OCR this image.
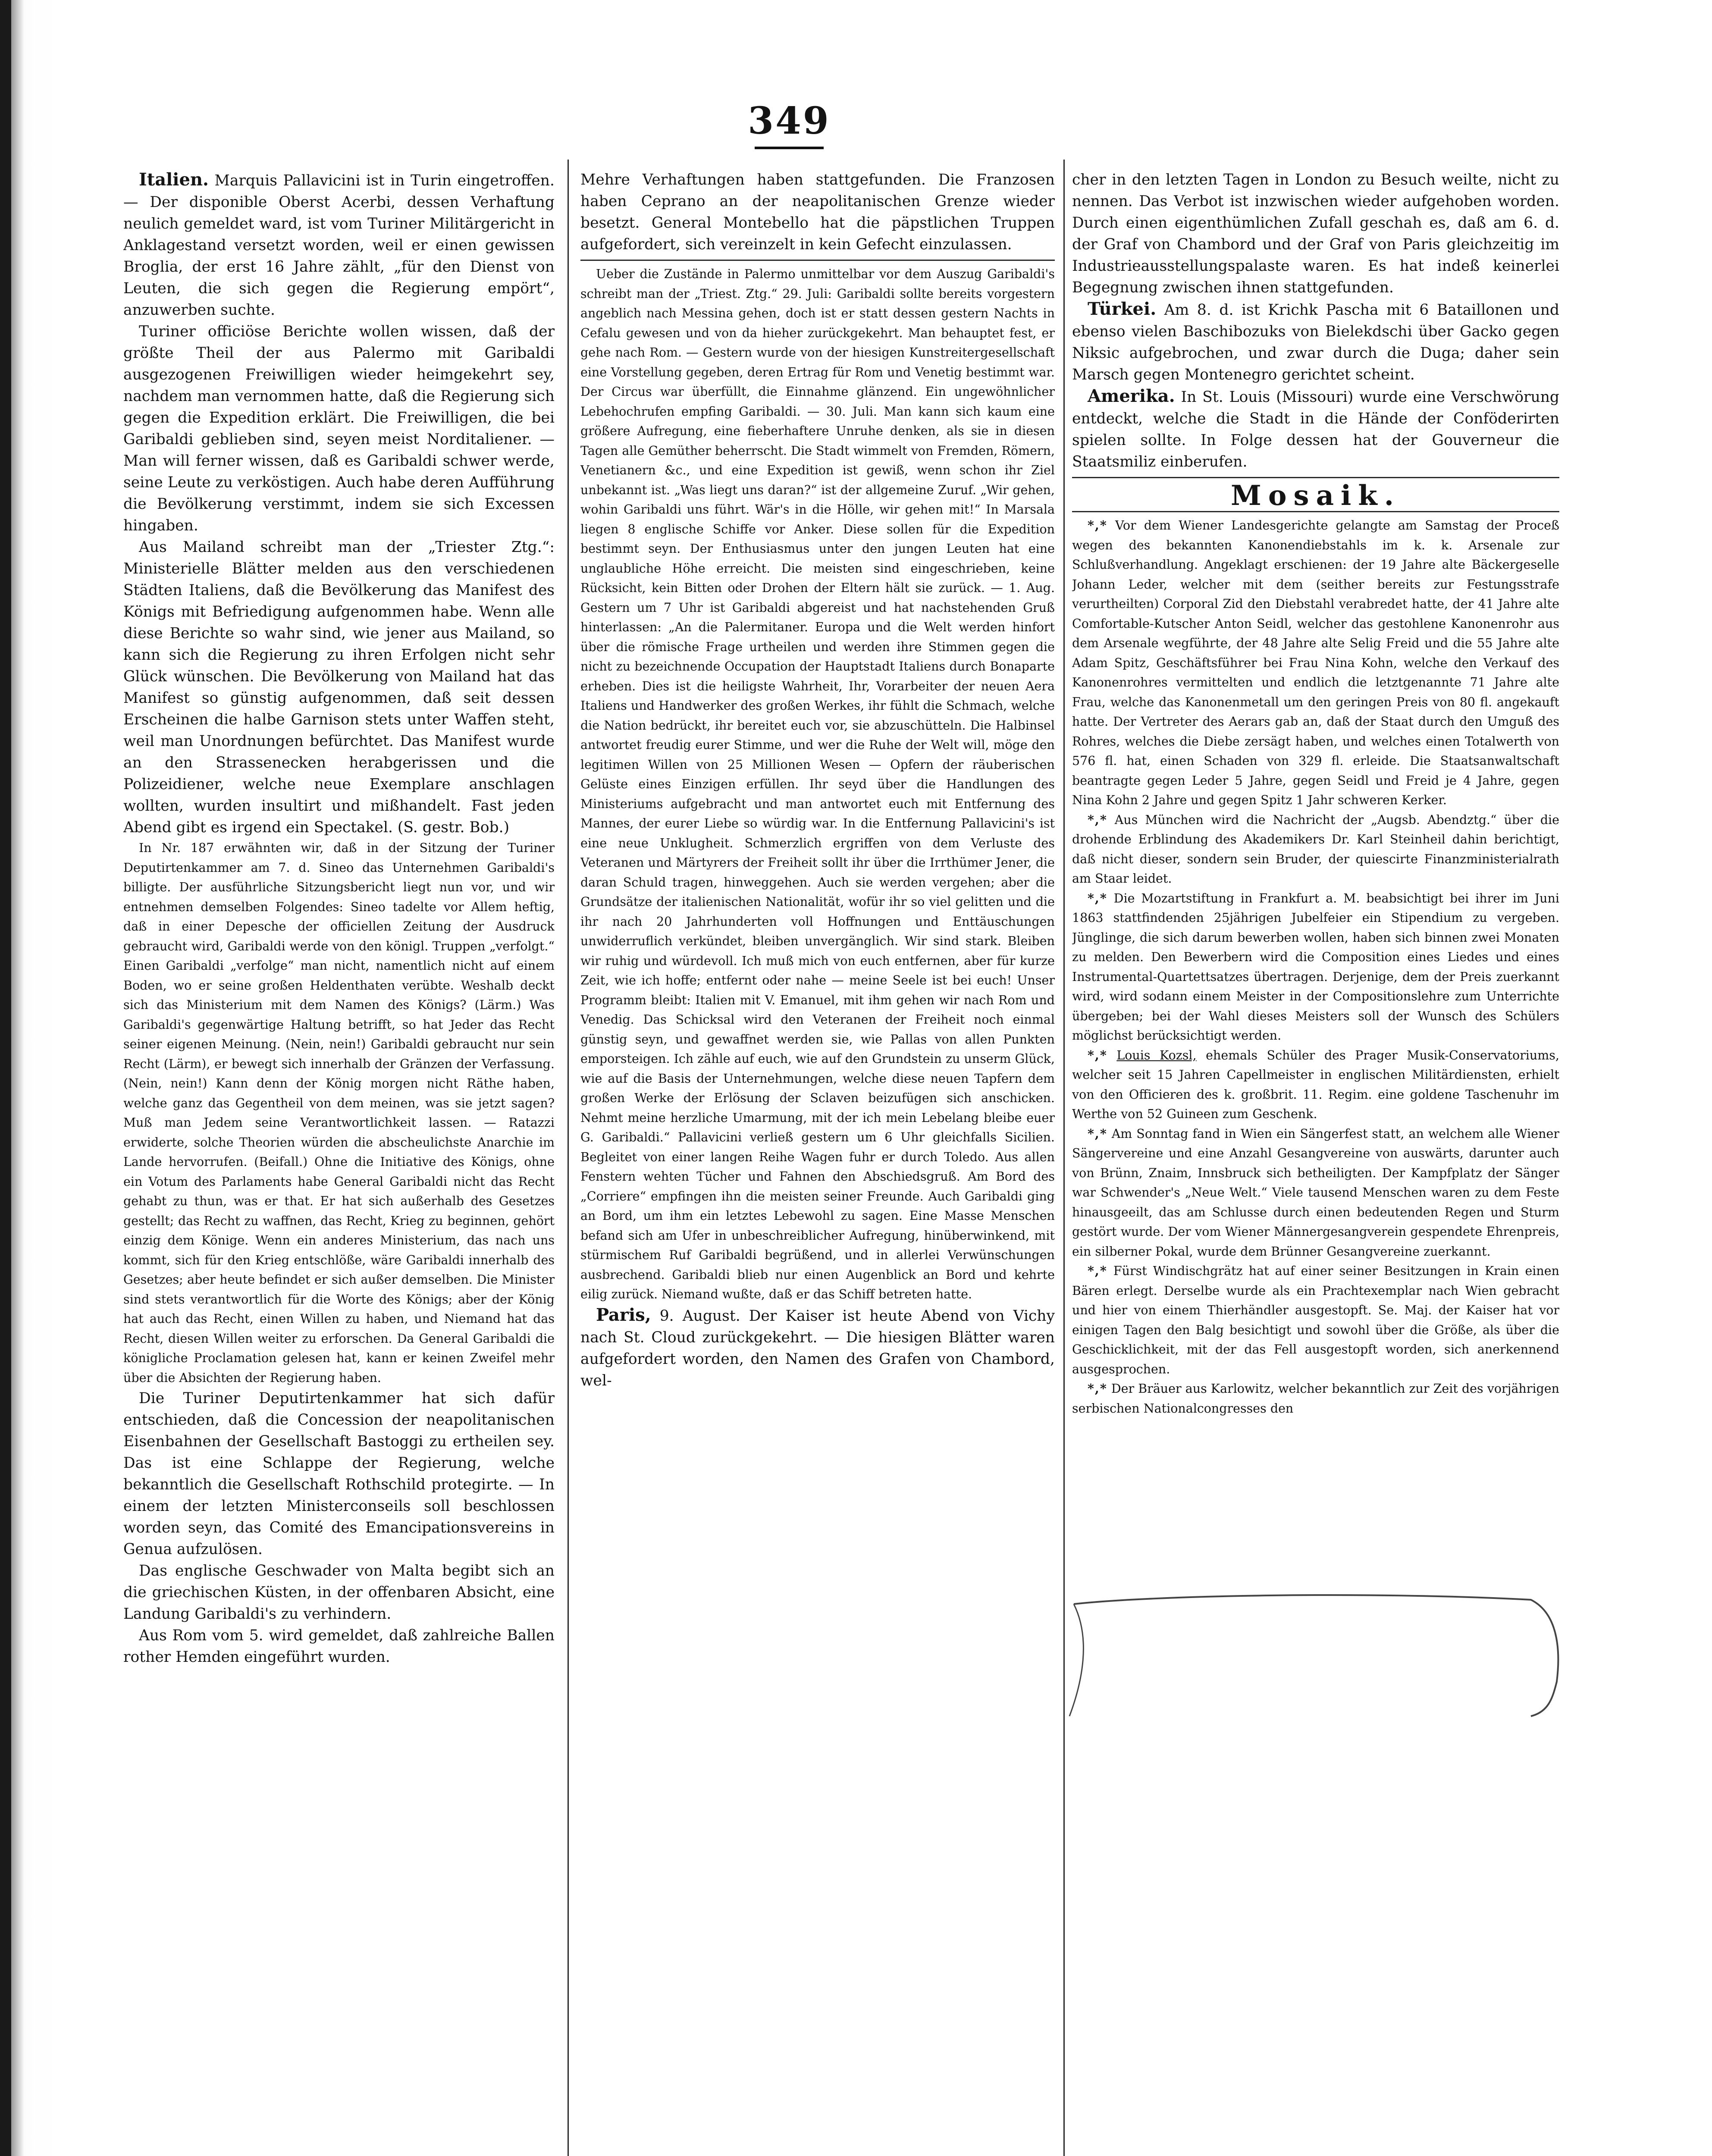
349

Italien. Marquis Pallavicini ist in Turin eingetroffen. — Der disponible Oberst Acerbi, dessen Verhaftung neulich gemeldet ward, ist vom Turiner Militärgericht in Anklagestand versetzt worden, weil er einen gewissen Broglia, der erst 16 Jahre zählt, „für den Dienst von Leuten, die sich gegen die Regierung empört“, anzuwerben suchte.

Turiner officiöse Berichte wollen wissen, daß der größte Theil der aus Palermo mit Garibaldi ausgezogenen Freiwilligen wieder heimgekehrt sey, nachdem man vernommen hatte, daß die Regierung sich gegen die Expedition erklärt. Die Freiwilligen, die bei Garibaldi geblieben sind, seyen meist Norditaliener. — Man will ferner wissen, daß es Garibaldi schwer werde, seine Leute zu verköstigen. Auch habe deren Aufführung die Bevölkerung verstimmt, indem sie sich Excessen hingaben.

Aus Mailand schreibt man der „Triester Ztg.“: Ministerielle Blätter melden aus den verschiedenen Städten Italiens, daß die Bevölkerung das Manifest des Königs mit Befriedigung aufgenommen habe. Wenn alle diese Berichte so wahr sind, wie jener aus Mailand, so kann sich die Regierung zu ihren Erfolgen nicht sehr Glück wünschen. Die Bevölkerung von Mailand hat das Manifest so günstig aufgenommen, daß seit dessen Erscheinen die halbe Garnison stets unter Waffen steht, weil man Unordnungen befürchtet. Das Manifest wurde an den Strassenecken herabgerissen und die Polizeidiener, welche neue Exemplare anschlagen wollten, wurden insultirt und mißhandelt. Fast jeden Abend gibt es irgend ein Spectakel. (S. gestr. Bob.)

In Nr. 187 erwähnten wir, daß in der Sitzung der Turiner Deputirtenkammer am 7. d. Sineo das Unternehmen Garibaldi's billigte. Der ausführliche Sitzungsbericht liegt nun vor, und wir entnehmen demselben Folgendes: Sineo tadelte vor Allem heftig, daß in einer Depesche der officiellen Zeitung der Ausdruck gebraucht wird, Garibaldi werde von den königl. Truppen „verfolgt.“ Einen Garibaldi „verfolge“ man nicht, namentlich nicht auf einem Boden, wo er seine großen Heldenthaten verübte. Weshalb deckt sich das Ministerium mit dem Namen des Königs? (Lärm.) Was Garibaldi's gegenwärtige Haltung betrifft, so hat Jeder das Recht seiner eigenen Meinung. (Nein, nein!) Garibaldi gebraucht nur sein Recht (Lärm), er bewegt sich innerhalb der Gränzen der Verfassung. (Nein, nein!) Kann denn der König morgen nicht Räthe haben, welche ganz das Gegentheil von dem meinen, was sie jetzt sagen? Muß man Jedem seine Verantwortlichkeit lassen. — Ratazzi erwiderte, solche Theorien würden die abscheulichste Anarchie im Lande hervorrufen. (Beifall.) Ohne die Initiative des Königs, ohne ein Votum des Parlaments habe General Garibaldi nicht das Recht gehabt zu thun, was er that. Er hat sich außerhalb des Gesetzes gestellt; das Recht zu waffnen, das Recht, Krieg zu beginnen, gehört einzig dem Könige. Wenn ein anderes Ministerium, das nach uns kommt, sich für den Krieg entschlöße, wäre Garibaldi innerhalb des Gesetzes; aber heute befindet er sich außer demselben. Die Minister sind stets verantwortlich für die Worte des Königs; aber der König hat auch das Recht, einen Willen zu haben, und Niemand hat das Recht, diesen Willen weiter zu erforschen. Da General Garibaldi die königliche Proclamation gelesen hat, kann er keinen Zweifel mehr über die Absichten der Regierung haben.

Die Turiner Deputirtenkammer hat sich dafür entschieden, daß die Concession der neapolitanischen Eisenbahnen der Gesellschaft Bastoggi zu ertheilen sey. Das ist eine Schlappe der Regierung, welche bekanntlich die Gesellschaft Rothschild protegirte. — In einem der letzten Ministerconseils soll beschlossen worden seyn, das Comité des Emancipationsvereins in Genua aufzulösen.

Das englische Geschwader von Malta begibt sich an die griechischen Küsten, in der offenbaren Absicht, eine Landung Garibaldi's zu verhindern.

Aus Rom vom 5. wird gemeldet, daß zahlreiche Ballen rother Hemden eingeführt wurden.

Mehre Verhaftungen haben stattgefunden. Die Franzosen haben Ceprano an der neapolitanischen Grenze wieder besetzt. General Montebello hat die päpstlichen Truppen aufgefordert, sich vereinzelt in kein Gefecht einzulassen.

Ueber die Zustände in Palermo unmittelbar vor dem Auszug Garibaldi's schreibt man der „Triest. Ztg.“ 29. Juli: Garibaldi sollte bereits vorgestern angeblich nach Messina gehen, doch ist er statt dessen gestern Nachts in Cefalu gewesen und von da hieher zurückgekehrt. Man behauptet fest, er gehe nach Rom. — Gestern wurde von der hiesigen Kunstreitergesellschaft eine Vorstellung gegeben, deren Ertrag für Rom und Venetig bestimmt war. Der Circus war überfüllt, die Einnahme glänzend. Ein ungewöhnlicher Lebehochrufen empfing Garibaldi. — 30. Juli. Man kann sich kaum eine größere Aufregung, eine fieberhaftere Unruhe denken, als sie in diesen Tagen alle Gemüther beherrscht. Die Stadt wimmelt von Fremden, Römern, Venetianern &c., und eine Expedition ist gewiß, wenn schon ihr Ziel unbekannt ist. „Was liegt uns daran?“ ist der allgemeine Zuruf. „Wir gehen, wohin Garibaldi uns führt. Wär's in die Hölle, wir gehen mit!“ In Marsala liegen 8 englische Schiffe vor Anker. Diese sollen für die Expedition bestimmt seyn. Der Enthusiasmus unter den jungen Leuten hat eine unglaubliche Höhe erreicht. Die meisten sind eingeschrieben, keine Rücksicht, kein Bitten oder Drohen der Eltern hält sie zurück. — 1. Aug. Gestern um 7 Uhr ist Garibaldi abgereist und hat nachstehenden Gruß hinterlassen: „An die Palermitaner. Europa und die Welt werden hinfort über die römische Frage urtheilen und werden ihre Stimmen gegen die nicht zu bezeichnende Occupation der Hauptstadt Italiens durch Bonaparte erheben. Dies ist die heiligste Wahrheit, Ihr, Vorarbeiter der neuen Aera Italiens und Handwerker des großen Werkes, ihr fühlt die Schmach, welche die Nation bedrückt, ihr bereitet euch vor, sie abzuschütteln. Die Halbinsel antwortet freudig eurer Stimme, und wer die Ruhe der Welt will, möge den legitimen Willen von 25 Millionen Wesen — Opfern der räuberischen Gelüste eines Einzigen erfüllen. Ihr seyd über die Handlungen des Ministeriums aufgebracht und man antwortet euch mit Entfernung des Mannes, der eurer Liebe so würdig war. In die Entfernung Pallavicini's ist eine neue Unklugheit. Schmerzlich ergriffen von dem Verluste des Veteranen und Märtyrers der Freiheit sollt ihr über die Irrthümer Jener, die daran Schuld tragen, hinweggehen. Auch sie werden vergehen; aber die Grundsätze der italienischen Nationalität, wofür ihr so viel gelitten und die ihr nach 20 Jahrhunderten voll Hoffnungen und Enttäuschungen unwiderruflich verkündet, bleiben unvergänglich. Wir sind stark. Bleiben wir ruhig und würdevoll. Ich muß mich von euch entfernen, aber für kurze Zeit, wie ich hoffe; entfernt oder nahe — meine Seele ist bei euch! Unser Programm bleibt: Italien mit V. Emanuel, mit ihm gehen wir nach Rom und Venedig. Das Schicksal wird den Veteranen der Freiheit noch einmal günstig seyn, und gewaffnet werden sie, wie Pallas von allen Punkten emporsteigen. Ich zähle auf euch, wie auf den Grundstein zu unserm Glück, wie auf die Basis der Unternehmungen, welche diese neuen Tapfern dem großen Werke der Erlösung der Sclaven beizufügen sich anschicken. Nehmt meine herzliche Umarmung, mit der ich mein Lebelang bleibe euer G. Garibaldi.“ Pallavicini verließ gestern um 6 Uhr gleichfalls Sicilien. Begleitet von einer langen Reihe Wagen fuhr er durch Toledo. Aus allen Fenstern wehten Tücher und Fahnen den Abschiedsgruß. Am Bord des „Corriere“ empfingen ihn die meisten seiner Freunde. Auch Garibaldi ging an Bord, um ihm ein letztes Lebewohl zu sagen. Eine Masse Menschen befand sich am Ufer in unbeschreiblicher Aufregung, hinüberwinkend, mit stürmischem Ruf Garibaldi begrüßend, und in allerlei Verwünschungen ausbrechend. Garibaldi blieb nur einen Augenblick an Bord und kehrte eilig zurück. Niemand wußte, daß er das Schiff betreten hatte.

Paris, 9. August. Der Kaiser ist heute Abend von Vichy nach St. Cloud zurückgekehrt. — Die hiesigen Blätter waren aufgefordert worden, den Namen des Grafen von Chambord, wel-

cher in den letzten Tagen in London zu Besuch weilte, nicht zu nennen. Das Verbot ist inzwischen wieder aufgehoben worden. Durch einen eigenthümlichen Zufall geschah es, daß am 6. d. der Graf von Chambord und der Graf von Paris gleichzeitig im Industrieausstellungspalaste waren. Es hat indeß keinerlei Begegnung zwischen ihnen stattgefunden.

Türkei. Am 8. d. ist Krichk Pascha mit 6 Bataillonen und ebenso vielen Baschibozuks von Bielekdschi über Gacko gegen Niksic aufgebrochen, und zwar durch die Duga; daher sein Marsch gegen Montenegro gerichtet scheint.

Amerika. In St. Louis (Missouri) wurde eine Verschwörung entdeckt, welche die Stadt in die Hände der Conföderirten spielen sollte. In Folge dessen hat der Gouverneur die Staatsmiliz einberufen.

Mosaik.

*,* Vor dem Wiener Landesgerichte gelangte am Samstag der Proceß wegen des bekannten Kanonendiebstahls im k. k. Arsenale zur Schlußverhandlung. Angeklagt erschienen: der 19 Jahre alte Bäckergeselle Johann Leder, welcher mit dem (seither bereits zur Festungsstrafe verurtheilten) Corporal Zid den Diebstahl verabredet hatte, der 41 Jahre alte Comfortable-Kutscher Anton Seidl, welcher das gestohlene Kanonenrohr aus dem Arsenale wegführte, der 48 Jahre alte Selig Freid und die 55 Jahre alte Adam Spitz, Geschäftsführer bei Frau Nina Kohn, welche den Verkauf des Kanonenrohres vermittelten und endlich die letztgenannte 71 Jahre alte Frau, welche das Kanonenmetall um den geringen Preis von 80 fl. angekauft hatte. Der Vertreter des Aerars gab an, daß der Staat durch den Umguß des Rohres, welches die Diebe zersägt haben, und welches einen Totalwerth von 576 fl. hat, einen Schaden von 329 fl. erleide. Die Staatsanwaltschaft beantragte gegen Leder 5 Jahre, gegen Seidl und Freid je 4 Jahre, gegen Nina Kohn 2 Jahre und gegen Spitz 1 Jahr schweren Kerker.

*,* Aus München wird die Nachricht der „Augsb. Abendztg.“ über die drohende Erblindung des Akademikers Dr. Karl Steinheil dahin berichtigt, daß nicht dieser, sondern sein Bruder, der quiescirte Finanzministerialrath am Staar leidet.

*,* Die Mozartstiftung in Frankfurt a. M. beabsichtigt bei ihrer im Juni 1863 stattfindenden 25jährigen Jubelfeier ein Stipendium zu vergeben. Jünglinge, die sich darum bewerben wollen, haben sich binnen zwei Monaten zu melden. Den Bewerbern wird die Composition eines Liedes und eines Instrumental-Quartettsatzes übertragen. Derjenige, dem der Preis zuerkannt wird, wird sodann einem Meister in der Compositionslehre zum Unterrichte übergeben; bei der Wahl dieses Meisters soll der Wunsch des Schülers möglichst berücksichtigt werden.

*,* Louis Kozsl, ehemals Schüler des Prager Musik-Conservatoriums, welcher seit 15 Jahren Capellmeister in englischen Militärdiensten, erhielt von den Officieren des k. großbrit. 11. Regim. eine goldene Taschenuhr im Werthe von 52 Guineen zum Geschenk.

*,* Am Sonntag fand in Wien ein Sängerfest statt, an welchem alle Wiener Sängervereine und eine Anzahl Gesangvereine von auswärts, darunter auch von Brünn, Znaim, Innsbruck sich betheiligten. Der Kampfplatz der Sänger war Schwender's „Neue Welt.“ Viele tausend Menschen waren zu dem Feste hinausgeeilt, das am Schlusse durch einen bedeutenden Regen und Sturm gestört wurde. Der vom Wiener Männergesangverein gespendete Ehrenpreis, ein silberner Pokal, wurde dem Brünner Gesangvereine zuerkannt.

*,* Fürst Windischgrätz hat auf einer seiner Besitzungen in Krain einen Bären erlegt. Derselbe wurde als ein Prachtexemplar nach Wien gebracht und hier von einem Thierhändler ausgestopft. Se. Maj. der Kaiser hat vor einigen Tagen den Balg besichtigt und sowohl über die Größe, als über die Geschicklichkeit, mit der das Fell ausgestopft worden, sich anerkennend ausgesprochen.

*,* Der Bräuer aus Karlowitz, welcher bekanntlich zur Zeit des vorjährigen serbischen Nationalcongresses den
